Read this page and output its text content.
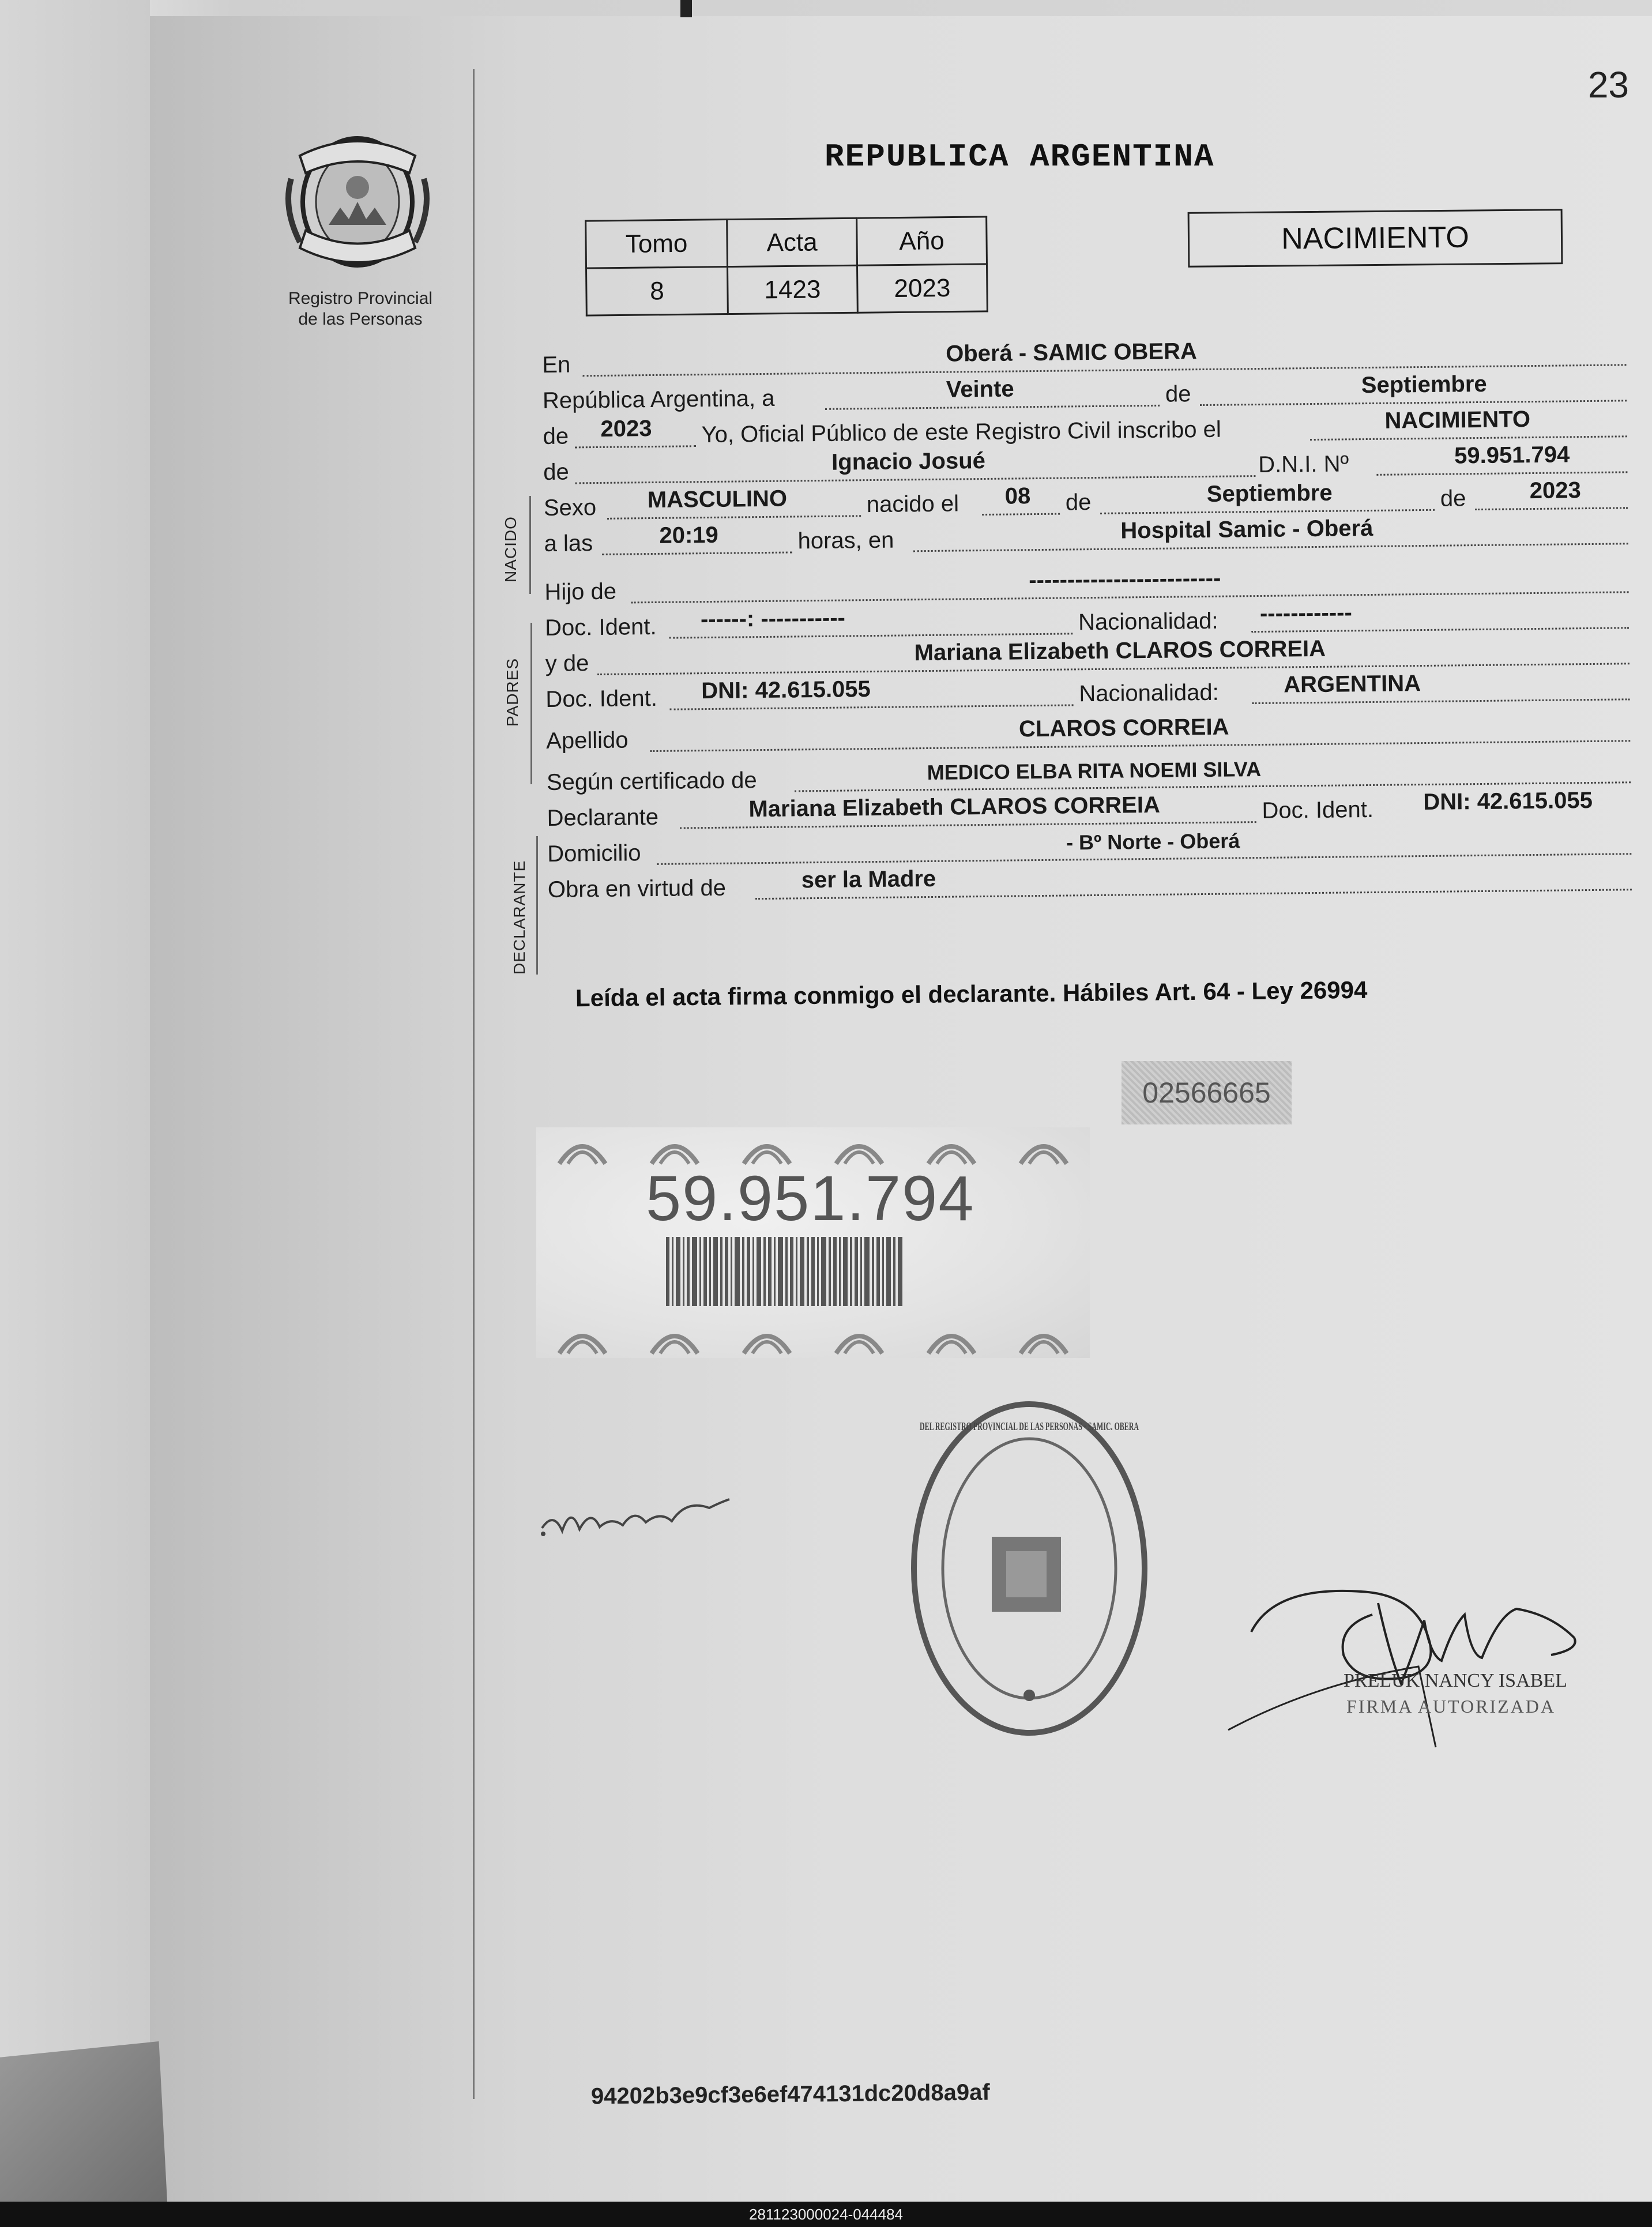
23
Registro Provincial
de las Personas
REPUBLICA ARGENTINA
Tomo	Acta	Año
8	1423	2023
NACIMIENTO
NACIDO
PADRES
DECLARANTE
En	Oberá - SAMIC OBERA
República Argentina, a	Veinte	de	Septiembre
de 2023 Yo, Oficial Público de este Registro Civil inscribo el	NACIMIENTO
de	Ignacio Josué	D.N.I. Nº	59.951.794
Sexo MASCULINO	nacido el 08 de	Septiembre	de	2023
a las	20:19	horas, en	Hospital Samic - Oberá
Hijo de	-------------------------
Doc. Ident. ------: -----------	Nacionalidad: ------------
y de	Mariana Elizabeth CLAROS CORREIA
Doc. Ident. DNI: 42.615.055	Nacionalidad:	ARGENTINA
Apellido	CLAROS CORREIA
Según certificado de	MEDICO ELBA RITA NOEMI SILVA
Declarante	Mariana Elizabeth CLAROS CORREIA	Doc. Ident. DNI: 42.615.055
Domicilio	- Bº Norte - Oberá
Obra en virtud de	ser la Madre
Leída el acta firma conmigo el declarante. Hábiles Art. 64 - Ley 26994
02566665
59.951.794
DEL REGISTRO PROVINCIAL DE LAS PERSONAS · SAMIC. OBERA
PRELUK NANCY ISABEL
FIRMA AUTORIZADA
94202b3e9cf3e6ef474131dc20d8a9af
281123000024-044484
